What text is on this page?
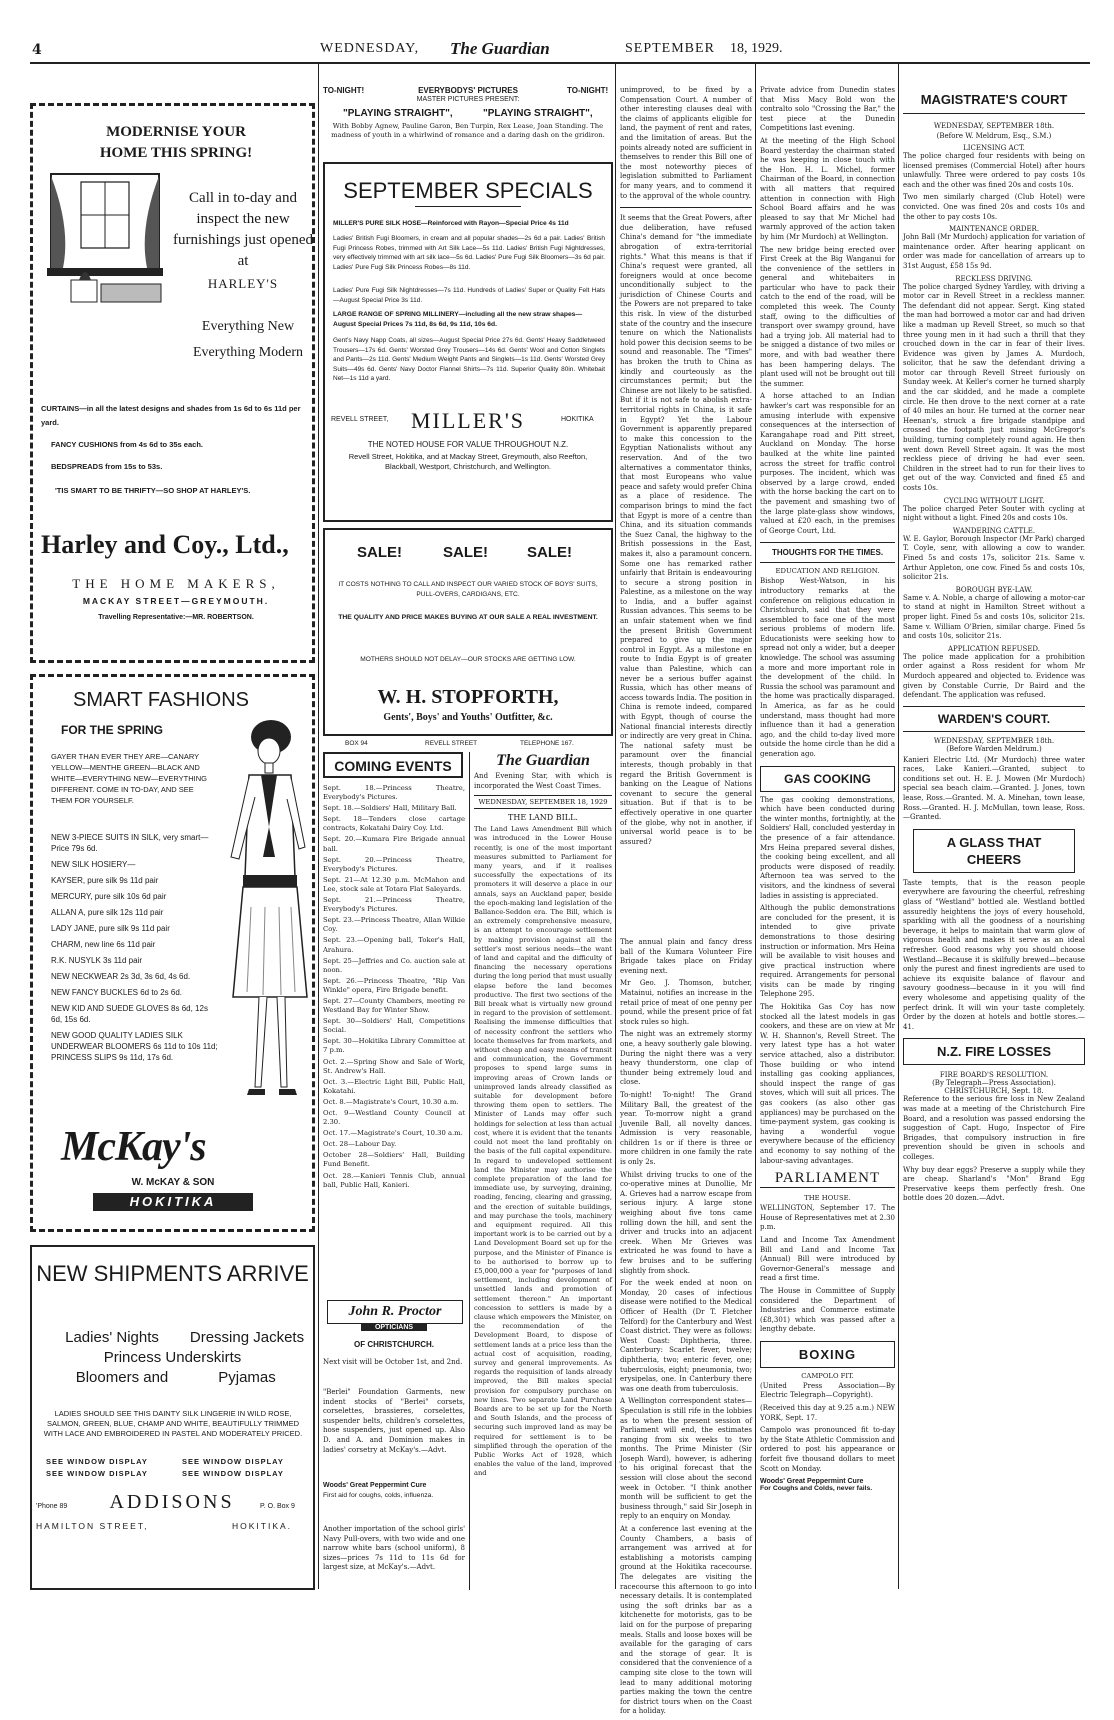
4	WEDNESDAY, The Guardian	SEPTEMBER 18, 1929.
MODERNISE YOUR HOME THIS SPRING!
Call in to-day and inspect the new furnishings just opened at
HARLEY'S
Everything New Everything Modern
CURTAINS—in all the latest designs and shades from 1s 6d to 6s 11d per yard.
FANCY CUSHIONS from 4s 6d to 35s each.
BEDSPREADS from 15s to 53s.
'TIS SMART TO BE THRIFTY—SO SHOP AT HARLEY'S.
Harley and Coy., Ltd.,
THE HOME MAKERS,
MACKAY STREET—GREYMOUTH.
Travelling Representative:—MR. ROBERTSON.
SMART FASHIONS
FOR THE SPRING
GAYER THAN EVER THEY ARE—CANARY YELLOW—MENTHE GREEN—BLACK AND WHITE—EVERYTHING NEW—EVERYTHING DIFFERENT. COME IN TO-DAY, AND SEE THEM FOR YOURSELF.
NEW 3-PIECE SUITS IN SILK, very smart—Price 79s 6d.
NEW SILK HOSIERY—
KAYSER, pure silk 9s 11d pair
MERCURY, pure silk 10s 6d pair
ALLAN A, pure silk 12s 11d pair
LADY JANE, pure silk 9s 11d pair
CHARM, new line 6s 11d pair
R.K. NUSYLK 3s 11d pair
NEW NECKWEAR 2s 3d, 3s 6d, 4s 6d.
NEW FANCY BUCKLES 6d to 2s 6d.
NEW KID AND SUEDE GLOVES 8s 6d, 12s 6d, 15s 6d.
NEW GOOD QUALITY LADIES SILK UNDERWEAR BLOOMERS 6s 11d to 10s 11d; PRINCESS SLIPS 9s 11d, 17s 6d.
McKay's
W. McKAY & SON
HOKITIKA
NEW SHIPMENTS ARRIVE
Ladies' Nights	Dressing Jackets
Princess Underskirts
Bloomers and	Pyjamas
LADIES SHOULD SEE THIS DAINTY SILK LINGERIE IN WILD ROSE, SALMON, GREEN, BLUE, CHAMP AND WHITE, BEAUTIFULLY TRIMMED WITH LACE AND EMBROIDERED IN PASTEL AND MODERATELY PRICED.
SEE WINDOW DISPLAY	SEE WINDOW DISPLAY
SEE WINDOW DISPLAY	SEE WINDOW DISPLAY
'Phone 89	ADDISONS	P. O. Box 9
HAMILTON STREET,	HOKITIKA.
TO-NIGHT!	EVERYBODYS' PICTURES	TO-NIGHT!
MASTER PICTURES PRESENT:
"PLAYING STRAIGHT",	"PLAYING STRAIGHT",
With Bobby Agnew, Pauline Garon, Ben Turpin, Rex Lease, Joan Standing. The madness of youth in a whirlwind of romance and a daring dash on the gridiron.
SEPTEMBER SPECIALS
MILLER'S PURE SILK HOSE—Reinforced with Rayon—Special Price 4s 11d
Ladies' British Fugi Bloomers, in cream and all popular shades—2s 6d a pair. Ladies' British Fugi Princess Robes, trimmed with Art Silk Lace—5s 11d. Ladies' British Fugi Nightdresses, very effectively trimmed with art silk lace—5s 6d. Ladies' Pure Fugi Silk Bloomers—3s 6d pair. Ladies' Pure Fugi Silk Princess Robes—8s 11d.
Ladies' Pure Fugi Silk Nightdresses—7s 11d. Hundreds of Ladies' Super or Quality Felt Hats—August Special Price 3s 11d.
LARGE RANGE OF SPRING MILLINERY—including all the new straw shapes—August Special Prices 7s 11d, 8s 6d, 9s 11d, 10s 6d.
Gent's Navy Napp Coats, all sizes—August Special Price 27s 6d. Gents' Heavy Saddletweed Trousers—17s 6d. Gents' Worsted Grey Trousers—14s 6d. Gents' Wool and Cotton Singlets and Pants—2s 11d. Gents' Medium Weight Pants and Singlets—1s 11d. Gents' Worsted Grey Suits—49s 6d. Gents' Navy Doctor Flannel Shirts—7s 11d. Superior Quality 80in. Whitebait Net—1s 11d a yard.
REVELL STREET,	MILLER'S	HOKITIKA
THE NOTED HOUSE FOR VALUE THROUGHOUT N.Z.
Revell Street, Hokitika, and at Mackay Street, Greymouth, also Reefton, Blackball, Westport, Christchurch, and Wellington.
SALE!	SALE!	SALE!
IT COSTS NOTHING TO CALL AND INSPECT OUR VARIED STOCK OF BOYS' SUITS, PULL-OVERS, CARDIGANS, ETC.
THE QUALITY AND PRICE MAKES BUYING AT OUR SALE A REAL INVESTMENT.
MOTHERS SHOULD NOT DELAY—OUR STOCKS ARE GETTING LOW.
W. H. STOPFORTH,
Gents', Boys' and Youths' Outfitter, &c.
BOX 94	REVELL STREET	TELEPHONE 167.
COMING EVENTS

Sept. 18.—Princess Theatre, Everybody's Pictures.

Sept. 18.—Soldiers' Hall, Military Ball.

Sept. 18—Tenders close cartage contracts, Kokatahi Dairy Coy. Ltd.

Sept. 20.—Kumara Fire Brigade annual ball.

Sept. 20.—Princess Theatre, Everybody's Pictures.

Sept. 21—At 12.30 p.m. McMahon and Lee, stock sale at Totara Flat Saleyards.

Sept. 21.—Princess Theatre, Everybody's Pictures.

Sept. 23.—Princess Theatre, Allan Wilkie Coy.

Sept. 23.—Opening ball, Toker's Hall, Arahura.

Sept. 25—Jeffries and Co. auction sale at noon.

Sept. 26.—Princess Theatre, "Rip Van Winkle" opera, Fire Brigade benefit.

Sept. 27—County Chambers, meeting re Westland Bay for Winter Show.

Sept. 30—Soldiers' Hall, Competitions Social.

Sept. 30—Hokitika Library Committee at 7 p.m.

Oct. 2.—Spring Show and Sale of Work, St. Andrew's Hall.

Oct. 3.—Electric Light Bill, Public Hall, Kokatahi.

Oct. 8.—Magistrate's Court, 10.30 a.m.

Oct. 9—Westland County Council at 2.30.

Oct. 17.—Magistrate's Court, 10.30 a.m.

Oct. 28—Labour Day.

October 28—Soldiers' Hall, Building Fund Benefit.

Oct. 28.—Kanieri Tennis Club, annual ball, Public Hall, Kanieri.

John R. Proctor
OPTICIANS
OF CHRISTCHURCH.
Next visit will be October 1st, and 2nd.
"Berlei" Foundation Garments, new indent stocks of "Berlei" corsets, corselettes, brassieres, corselettes, suspender belts, children's corselettes, hose suspenders, just opened up. Also D. and A. and Dominion makes in ladies' corsetry at McKay's.—Advt.
Woods' Great Peppermint Cure
First aid for coughs, colds, influenza.
Another importation of the school girls' Navy Pull-overs, with two wide and one narrow white bars (school uniform), 8 sizes—prices 7s 11d to 11s 6d for largest size, at McKay's.—Advt.
The Guardian
And Evening Star, with which is incorporated the West Coast Times.
WEDNESDAY, SEPTEMBER 18, 1929
THE LAND BILL.
The Land Laws Amendment Bill which was introduced in the Lower House recently, is one of the most important measures submitted to Parliament for many years, and if it realises successfully the expectations of its promoters it will deserve a place in our annals, says an Auckland paper, beside the epoch-making land legislation of the Ballance-Seddon era. The Bill, which is an extremely comprehensive measure, is an attempt to encourage settlement by making provision against all the settler's most serious needs—the want of land and capital and the difficulty of financing the necessary operations during the long period that must usually elapse before the land becomes productive. The first two sections of the Bill break what is virtually new ground in regard to the provision of settlement. Realising the immense difficulties that of necessity confront the settlers who locate themselves far from markets, and without cheap and easy means of transit and communication, the Government proposes to spend large sums in improving areas of Crown lands or unimproved lands already classified as suitable for development before throwing them open to settlers. The Minister of Lands may offer such holdings for selection at less than actual cost, where it is evident that the tenants could not meet the land profitably on the basis of the full capital expenditure. In regard to undeveloped settlement land the Minister may authorise the complete preparation of the land for immediate use, by surveying, draining, roading, fencing, clearing and grassing, and the erection of suitable buildings, and may purchase the tools, machinery and equipment required. All this important work is to be carried out by a Land Development Board set up for the purpose, and the Minister of Finance is to be authorised to borrow up to £5,000,000 a year for "purposes of land settlement, including development of unsettled lands and promotion of settlement thereon." An important concession to settlers is made by a clause which empowers the Minister, on the recommendation of the Development Board, to dispose of settlement lands at a price less than the actual cost of acquisition, roading, survey and general improvements. As regards the requisition of lands already improved, the Bill makes special provision for compulsory purchase on new lines. Two separate Land Purchase Boards are to be set up for the North and South Islands, and the process of securing such improved land as may be required for settlement is to be simplified through the operation of the Public Works Act of 1928, which enables the value of the land, improved and
unimproved, to be fixed by a Compensation Court. A number of other interesting clauses deal with the claims of applicants eligible for land, the payment of rent and rates, and the limitation of areas. But the points already noted are sufficient in themselves to render this Bill one of the most noteworthy pieces of legislation submitted to Parliament for many years, and to commend it to the approval of the whole country.
It seems that the Great Powers, after due deliberation, have refused China's demand for "the immediate abrogation of extra-territorial rights." What this means is that if China's request were granted, all foreigners would at once become unconditionally subject to the jurisdiction of Chinese Courts and the Powers are not prepared to take this risk. In view of the disturbed state of the country and the insecure tenure on which the Nationalists hold power this decision seems to be sound and reasonable. The "Times" has broken the truth to China as kindly and courteously as the circumstances permit; but the Chinese are not likely to be satisfied. But if it is not safe to abolish extra-territorial rights in China, is it safe in Egypt? Yet the Labour Government is apparently prepared to make this concession to the Egyptian Nationalists without any reservation. And of the two alternatives a commentator thinks, that most Europeans who value peace and safety would prefer China as a place of residence. The comparison brings to mind the fact that Egypt is more of a centre than China, and its situation commands the Suez Canal, the highway to the British possessions in the East, makes it, also a paramount concern. Some one has remarked rather unfairly that Britain is endeavouring to secure a strong position in Palestine, as a milestone on the way to India, and a buffer against Russian advances. This seems to be an unfair statement when we find the present British Government prepared to give up the major control in Egypt. As a milestone en route to India Egypt is of greater value than Palestine, which can never be a serious buffer against Russia, which has other means of access towards India. The position in China is remote indeed, compared with Egypt, though of course the National financial interests directly or indirectly are very great in China. The national safety must be paramount over the financial interests, though probably in that regard the British Government is banking on the League of Nations covenant to secure the general situation. But if that is to be effectively operative in one quarter of the globe, why not in another, if universal world peace is to be assured?
The annual plain and fancy dress ball of the Kumara Volunteer Fire Brigade takes place on Friday evening next.
Mr Geo. J. Thomson, butcher, Matainui, notifies an increase in the retail price of meat of one penny per pound, while the present price of fat stock rules so high.
The night was an extremely stormy one, a heavy southerly gale blowing. During the night there was a very heavy thunderstorm, one clap of thunder being extremely loud and close.
To-night! To-night! The Grand Military Ball, the greatest of the year. To-morrow night a grand Juvenile Ball, all novelty dances. Admission is very reasonable, children 1s or if there is three or more children in one family the rate is only 2s.
Whilst driving trucks to one of the co-operative mines at Dunollie, Mr A. Grieves had a narrow escape from serious injury. A large stone weighing about five tons came rolling down the hill, and sent the driver and trucks into an adjacent creek. When Mr Grieves was extricated he was found to have a few bruises and to be suffering slightly from shock.
For the week ended at noon on Monday, 20 cases of infectious disease were notified to the Medical Officer of Health (Dr T. Fletcher Telford) for the Canterbury and West Coast district. They were as follows: West Coast: Diphtheria, three. Canterbury: Scarlet fever, twelve; diphtheria, two; enteric fever, one; tuberculosis, eight; pneumonia, two; erysipelas, one. In Canterbury there was one death from tuberculosis.
A Wellington correspondent states—Speculation is still rife in the lobbies as to when the present session of Parliament will end, the estimates ranging from six weeks to two months. The Prime Minister (Sir Joseph Ward), however, is adhering to his original forecast that the session will close about the second week in October. "I think another month will be sufficient to get the business through," said Sir Joseph in reply to an enquiry on Monday.
At a conference last evening at the County Chambers, a basis of arrangement was arrived at for establishing a motorists camping ground at the Hokitika racecourse. The delegates are visiting the racecourse this afternoon to go into necessary details. It is contemplated using the soft drinks bar as a kitchenette for motorists, gas to be laid on for the purpose of preparing meals. Stalls and loose boxes will be available for the garaging of cars and the storage of gear. It is considered that the convenience of a camping site close to the town will lead to many additional motoring parties making the town the centre for district tours when on the Coast for a holiday.
Private advice from Dunedin states that Miss Macy Bold won the contralto solo "Crossing the Bar," the test piece at the Dunedin Competitions last evening.
At the meeting of the High School Board yesterday the chairman stated he was keeping in close touch with the Hon. H. L. Michel, former Chairman of the Board, in connection with all matters that required attention in connection with High School Board affairs and he was pleased to say that Mr Michel had warmly approved of the action taken by him (Mr Murdoch) at Wellington.
The new bridge being erected over First Creek at the Big Wanganui for the convenience of the settlers in general and whitebaiters in particular who have to pack their catch to the end of the road, will be completed this week. The County staff, owing to the difficulties of transport over swampy ground, have had a trying job. All material had to be snigged a distance of two miles or more, and with bad weather there has been hampering delays. The plant used will not be brought out till the summer.
A horse attached to an Indian hawker's cart was responsible for an amusing interlude with expensive consequences at the intersection of Karangahape road and Pitt street, Auckland on Monday. The horse baulked at the white line painted across the street for traffic control purposes. The incident, which was observed by a large crowd, ended with the horse backing the cart on to the pavement and smashing two of the large plate-glass show windows, valued at £20 each, in the premises of George Court, Ltd.
THOUGHTS FOR THE TIMES.
EDUCATION AND RELIGION.
Bishop West-Watson, in his introductory remarks at the conference on religious education in Christchurch, said that they were assembled to face one of the most serious problems of modern life. Educationists were seeking how to spread not only a wider, but a deeper knowledge. The school was assuming a more and more important role in the development of the child. In Russia the school was paramount and the home was practically disparaged. In America, as far as he could understand, mass thought had more influence than it had a generation ago, and the child to-day lived more outside the home circle than he did a generation ago.
GAS COOKING
The gas cooking demonstrations, which have been conducted during the winter months, fortnightly, at the Soldiers' Hall, concluded yesterday in the presence of a fair attendance. Mrs Heina prepared several dishes, the cooking being excellent, and all products were disposed of readily. Afternoon tea was served to the visitors, and the kindness of several ladies in assisting is appreciated.
Although the public demonstrations are concluded for the present, it is intended to give private demonstrations to those desiring instruction or information. Mrs Heina will be available to visit houses and give practical instruction where required. Arrangements for personal visits can be made by ringing Telephone 295.
The Hokitika Gas Coy has now stocked all the latest models in gas cookers, and these are on view at Mr W. H. Shannon's, Revell Street. The very latest type has a hot water service attached, also a distributor. Those building or who intend installing gas cooking appliances, should inspect the range of gas stoves, which will suit all prices. The gas cookers (as also other gas appliances) may be purchased on the time-payment system, gas cooking is having a wonderful vogue everywhere because of the efficiency and economy to say nothing of the labour-saving advantages.
PARLIAMENT
THE HOUSE.
WELLINGTON, September 17. The House of Representatives met at 2.30 p.m.
Land and Income Tax Amendment Bill and Land and Income Tax (Annual) Bill were introduced by Governor-General's message and read a first time.
The House in Committee of Supply considered the Department of Industries and Commerce estimate (£8,301) which was passed after a lengthy debate.
BOXING
CAMPOLO FIT.
(United Press Association—By Electric Telegraph—Copyright).
(Received this day at 9.25 a.m.) NEW YORK, Sept. 17.
Campolo was pronounced fit to-day by the State Athletic Commission and ordered to post his appearance or forfeit five thousand dollars to meet Scott on Monday.
Woods' Great Peppermint Cure
For Coughs and Colds, never fails.
MAGISTRATE'S COURT
WEDNESDAY, SEPTEMBER 18th.
(Before W. Meldrum, Esq., S.M.)
LICENSING ACT.
The police charged four residents with being on licensed premises (Commercial Hotel) after hours unlawfully. Three were ordered to pay costs 10s each and the other was fined 20s and costs 10s.
Two men similarly charged (Club Hotel) were convicted. One was fined 20s and costs 10s and the other to pay costs 10s.
MAINTENANCE ORDER.
John Ball (Mr Murdoch) application for variation of maintenance order. After hearing applicant on order was made for cancellation of arrears up to 31st August, £58 15s 9d.
RECKLESS DRIVING.
The police charged Sydney Yardley, with driving a motor car in Revell Street in a reckless manner. The defendant did not appear. Sergt. King stated the man had borrowed a motor car and had driven like a madman up Revell Street, so much so that three young men in it had such a thrill that they crouched down in the car in fear of their lives. Evidence was given by James A. Murdoch, solicitor, that he saw the defendant driving a motor car through Revell Street furiously on Sunday week. At Keller's corner he turned sharply and the car skidded, and he made a complete circle. He then drove to the next corner at a rate of 40 miles an hour. He turned at the corner near Heenan's, struck a fire brigade standpipe and crossed the footpath just missing McGregor's building, turning completely round again. He then went down Revell Street again. It was the most reckless piece of driving he had ever seen. Children in the street had to run for their lives to get out of the way. Convicted and fined £5 and costs 10s.
CYCLING WITHOUT LIGHT.
The police charged Peter Souter with cycling at night without a light. Fined 20s and costs 10s.
WANDERING CATTLE.
W. E. Gaylor, Borough Inspector (Mr Park) charged T. Coyle, senr, with allowing a cow to wander. Fined 5s and costs 17s, solicitor 21s. Same v. Arthur Appleton, one cow. Fined 5s and costs 10s, solicitor 21s.
BOROUGH BYE-LAW.
Same v. A. Noble, a charge of allowing a motor-car to stand at night in Hamilton Street without a proper light. Fined 5s and costs 10s, solicitor 21s. Same v. William O'Brien, similar charge. Fined 5s and costs 10s, solicitor 21s.
APPLICATION REFUSED.
The police made application for a prohibition order against a Ross resident for whom Mr Murdoch appeared and objected to. Evidence was given by Constable Currie, Dr Baird and the defendant. The application was refused.
WARDEN'S COURT.
WEDNESDAY, SEPTEMBER 18th.
(Before Warden Meldrum.)
Kanieri Electric Ltd. (Mr Murdoch) three water races, Lake Kanieri.—Granted, subject to conditions set out. H. E. J. Mowen (Mr Murdoch) special sea beach claim.—Granted. J. Jones, town lease, Ross.—Granted. M. A. Minehan, town lease, Ross.—Granted. H. J. McMullan, town lease, Ross.—Granted.
A GLASS THAT CHEERS
Taste tempts, that is the reason people everywhere are favouring the cheerful, refreshing glass of "Westland" bottled ale. Westland bottled assuredly heightens the joys of every household, sparkling with all the goodness of a nourishing beverage, it helps to maintain that warm glow of vigorous health and makes it serve as an ideal refresher. Good reasons why you should choose Westland—Because it is skilfully brewed—because only the purest and finest ingredients are used to achieve its exquisite balance of flavour and savoury goodness—because in it you will find every wholesome and appetising quality of the perfect drink. It will win your taste completely. Order by the dozen at hotels and bottle stores.—41.
N.Z. FIRE LOSSES
FIRE BOARD'S RESOLUTION.
(By Telegraph—Press Association).
CHRISTCHURCH, Sept. 18.
Reference to the serious fire loss in New Zealand was made at a meeting of the Christchurch Fire Board, and a resolution was passed endorsing the suggestion of Capt. Hugo, Inspector of Fire Brigades, that compulsory instruction in fire prevention should be given in schools and colleges.
Why buy dear eggs? Preserve a supply while they are cheap. Sharland's "Mon" Brand Egg Preservative keeps them perfectly fresh. One bottle does 20 dozen.—Advt.
